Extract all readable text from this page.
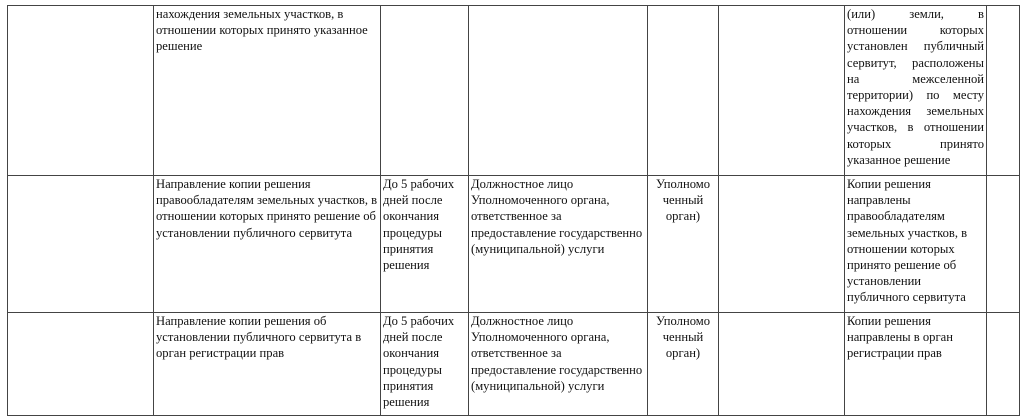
	нахождения земельных участков, в отношении которых принято указанное решение					(или) земли, в отношении которых установлен публичный сервитут, расположены на межселенной территории) по месту нахождения земельных участков, в отношении которых принято указанное решение	
	Направление копии решения правообладателям земельных участков, в отношении которых принято решение об установлении публичного сервитута	До 5 рабочих дней после окончания процедуры принятия решения	Должностное лицо Уполномоченного органа, ответственное за предоставление государственно (муниципальной) услуги	Уполномо ченный орган)		Копии решения направлены правообладателям земельных участков, в отношении которых принято решение об установлении публичного сервитута	
	Направление копии решения об установлении публичного сервитута в орган регистрации прав	До 5 рабочих дней после окончания процедуры принятия решения	Должностное лицо Уполномоченного органа, ответственное за предоставление государственно (муниципальной) услуги	Уполномо ченный орган)		Копии решения направлены в орган регистрации прав	
